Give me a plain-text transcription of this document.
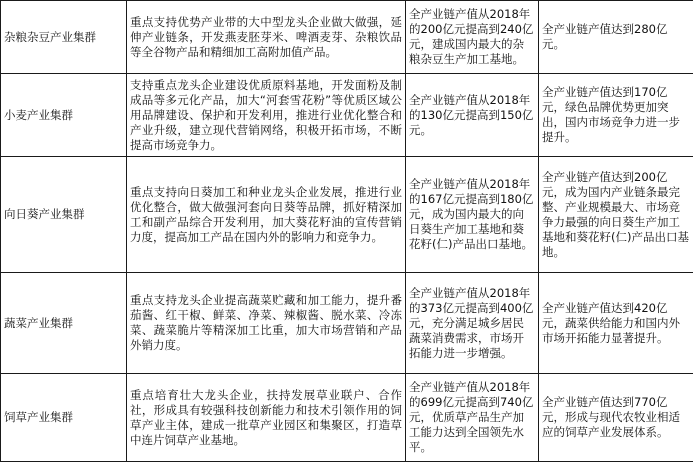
杂粮杂豆产业集群	重点支持优势产业带的大中型龙头企业做大做强，延伸产业链条，开发燕麦胚芽米、啤酒麦芽、杂粮饮品等全谷物产品和精细加工高附加值产品。	全产业链产值从2018年的200亿元提高到240亿元，建成国内最大的杂粮杂豆生产加工基地。	全产业链产值达到280亿元。
小麦产业集群	支持重点龙头企业建设优质原料基地，开发面粉及制成品等多元化产品，加大“河套雪花粉”等优质区域公用品牌建设、保护和开发利用，推进行业优化整合和产业升级，建立现代营销网络，积极开拓市场，不断提高市场竞争力。	全产业链产值从2018年的130亿元提高到150亿元。	全产业链产值达到170亿元，绿色品牌优势更加突出，国内市场竞争力进一步提升。
向日葵产业集群	重点支持向日葵加工和种业龙头企业发展，推进行业优化整合，做大做强河套向日葵等品牌，抓好精深加工和副产品综合开发利用，加大葵花籽油的宣传营销力度，提高加工产品在国内外的影响力和竞争力。	全产业链产值从2018年的167亿元提高到180亿元，成为国内最大的向日葵生产加工基地和葵花籽(仁)产品出口基地。	全产业链产值达到200亿元，成为国内产业链条最完整、产业规模最大、市场竞争力最强的向日葵生产加工基地和葵花籽(仁)产品出口基地。
蔬菜产业集群	重点支持龙头企业提高蔬菜贮藏和加工能力，提升番茄酱、红干椒、鲜菜、净菜、辣椒酱、脱水菜、冷冻菜、蔬菜脆片等精深加工比重，加大市场营销和产品外销力度。	全产业链产值从2018年的373亿元提高到400亿元，充分满足城乡居民蔬菜消费需求，市场开拓能力进一步增强。	全产业链产值达到420亿元，蔬菜供给能力和国内外市场开拓能力显著提升。
饲草产业集群	重点培育壮大龙头企业，扶持发展草业联户、合作社，形成具有较强科技创新能力和技术引领作用的饲草产业主体，建成一批草产业园区和集聚区，打造草中连片饲草产业基地。	全产业链产值从2018年的699亿元提高到740亿元，优质草产品生产加工能力达到全国领先水平。	全产业链产值达到770亿元，形成与现代农牧业相适应的饲草产业发展体系。
